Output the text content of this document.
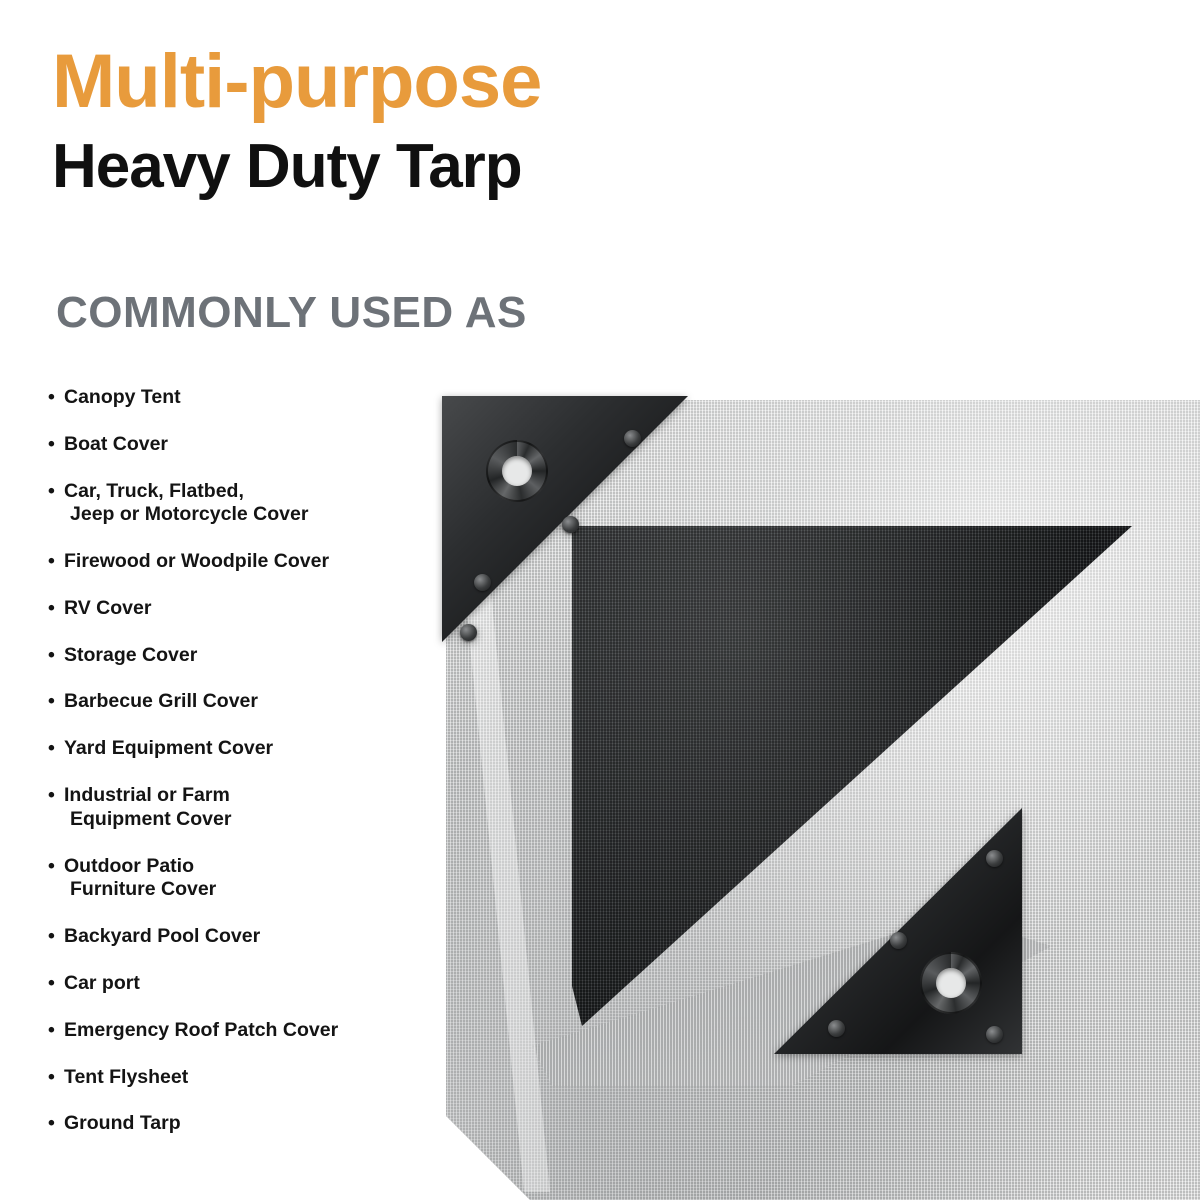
Multi-purpose
Heavy Duty Tarp
COMMONLY USED AS
• Canopy Tent
• Boat Cover
• Car, Truck, Flatbed,
Jeep or Motorcycle Cover
• Firewood or Woodpile Cover
• RV Cover
• Storage Cover
• Barbecue Grill Cover
• Yard Equipment Cover
• Industrial or Farm
Equipment Cover
• Outdoor Patio
Furniture Cover
• Backyard Pool Cover
• Car port
• Emergency Roof Patch Cover
• Tent Flysheet
• Ground Tarp
